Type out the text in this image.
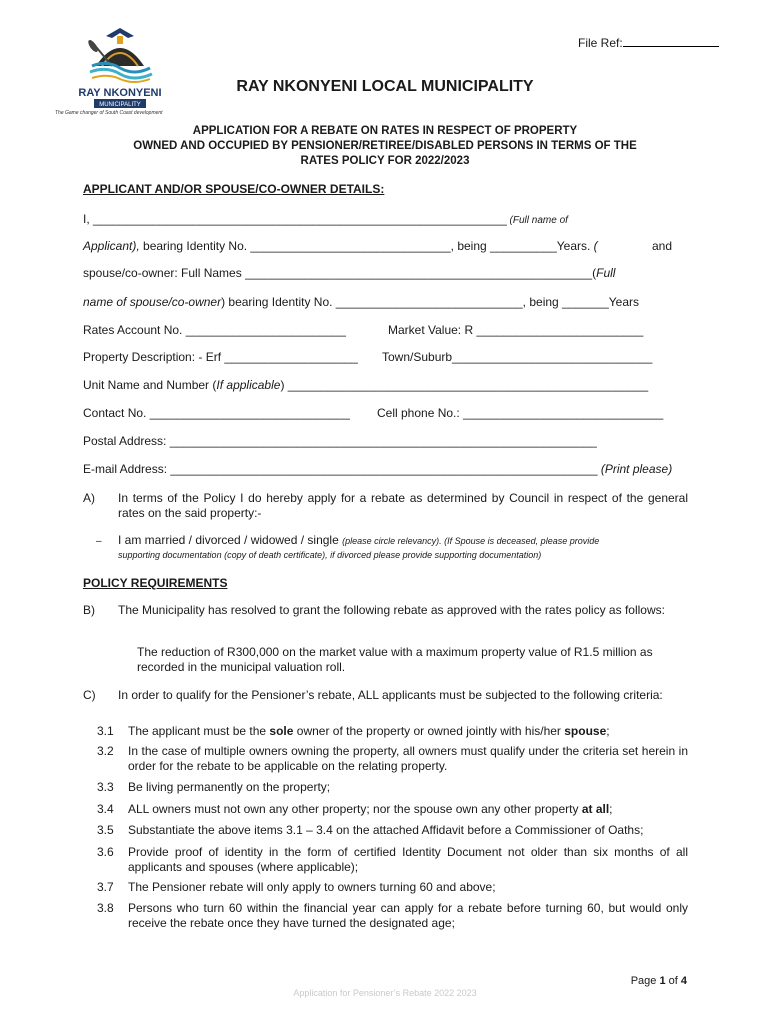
File Ref:
RAY NKONYENI
MUNICIPALITY
The Game changer of South Coast development
RAY NKONYENI LOCAL MUNICIPALITY
APPLICATION FOR A REBATE ON RATES IN RESPECT OF PROPERTY
OWNED AND OCCUPIED BY PENSIONER/RETIREE/DISABLED PERSONS IN TERMS OF THE
RATES POLICY FOR 2022/2023
APPLICANT AND/OR SPOUSE/CO-OWNER DETAILS:
I, ______________________________________________________________ (Full name of
Applicant), bearing Identity No. ______________________________, being __________Years. (	and
spouse/co-owner: Full Names ____________________________________________________(Full
name of spouse/co-owner) bearing Identity No. ____________________________, being _______Years
Rates Account No. ________________________	Market Value: R _________________________
Property Description: - Erf ____________________ Town/Suburb______________________________
Unit Name and Number (If applicable) ______________________________________________________
Contact No. ______________________________ Cell phone No.: ______________________________
Postal Address: ________________________________________________________________
E-mail Address: ________________________________________________________________ (Print please)
A) In terms of the Policy I do hereby apply for a rebate as determined by Council in respect of the general rates on the said property:-
– I am married / divorced / widowed / single (please circle relevancy). (If Spouse is deceased, please provide
supporting documentation (copy of death certificate), if divorced please provide supporting documentation)
POLICY REQUIREMENTS
B) The Municipality has resolved to grant the following rebate as approved with the rates policy as follows:
The reduction of R300,000 on the market value with a maximum property value of R1.5 million as recorded in the municipal valuation roll.
C) In order to qualify for the Pensioner’s rebate, ALL applicants must be subjected to the following criteria:
3.1 The applicant must be the sole owner of the property or owned jointly with his/her spouse;
3.2 In the case of multiple owners owning the property, all owners must qualify under the criteria set herein in order for the rebate to be applicable on the relating property.
3.3 Be living permanently on the property;
3.4 ALL owners must not own any other property; nor the spouse own any other property at all;
3.5 Substantiate the above items 3.1 – 3.4 on the attached Affidavit before a Commissioner of Oaths;
3.6 Provide proof of identity in the form of certified Identity Document not older than six months of all applicants and spouses (where applicable);
3.7 The Pensioner rebate will only apply to owners turning 60 and above;
3.8 Persons who turn 60 within the financial year can apply for a rebate before turning 60, but would only receive the rebate once they have turned the designated age;
Page 1 of 4
Application for Pensioner’s Rebate 2022 2023
